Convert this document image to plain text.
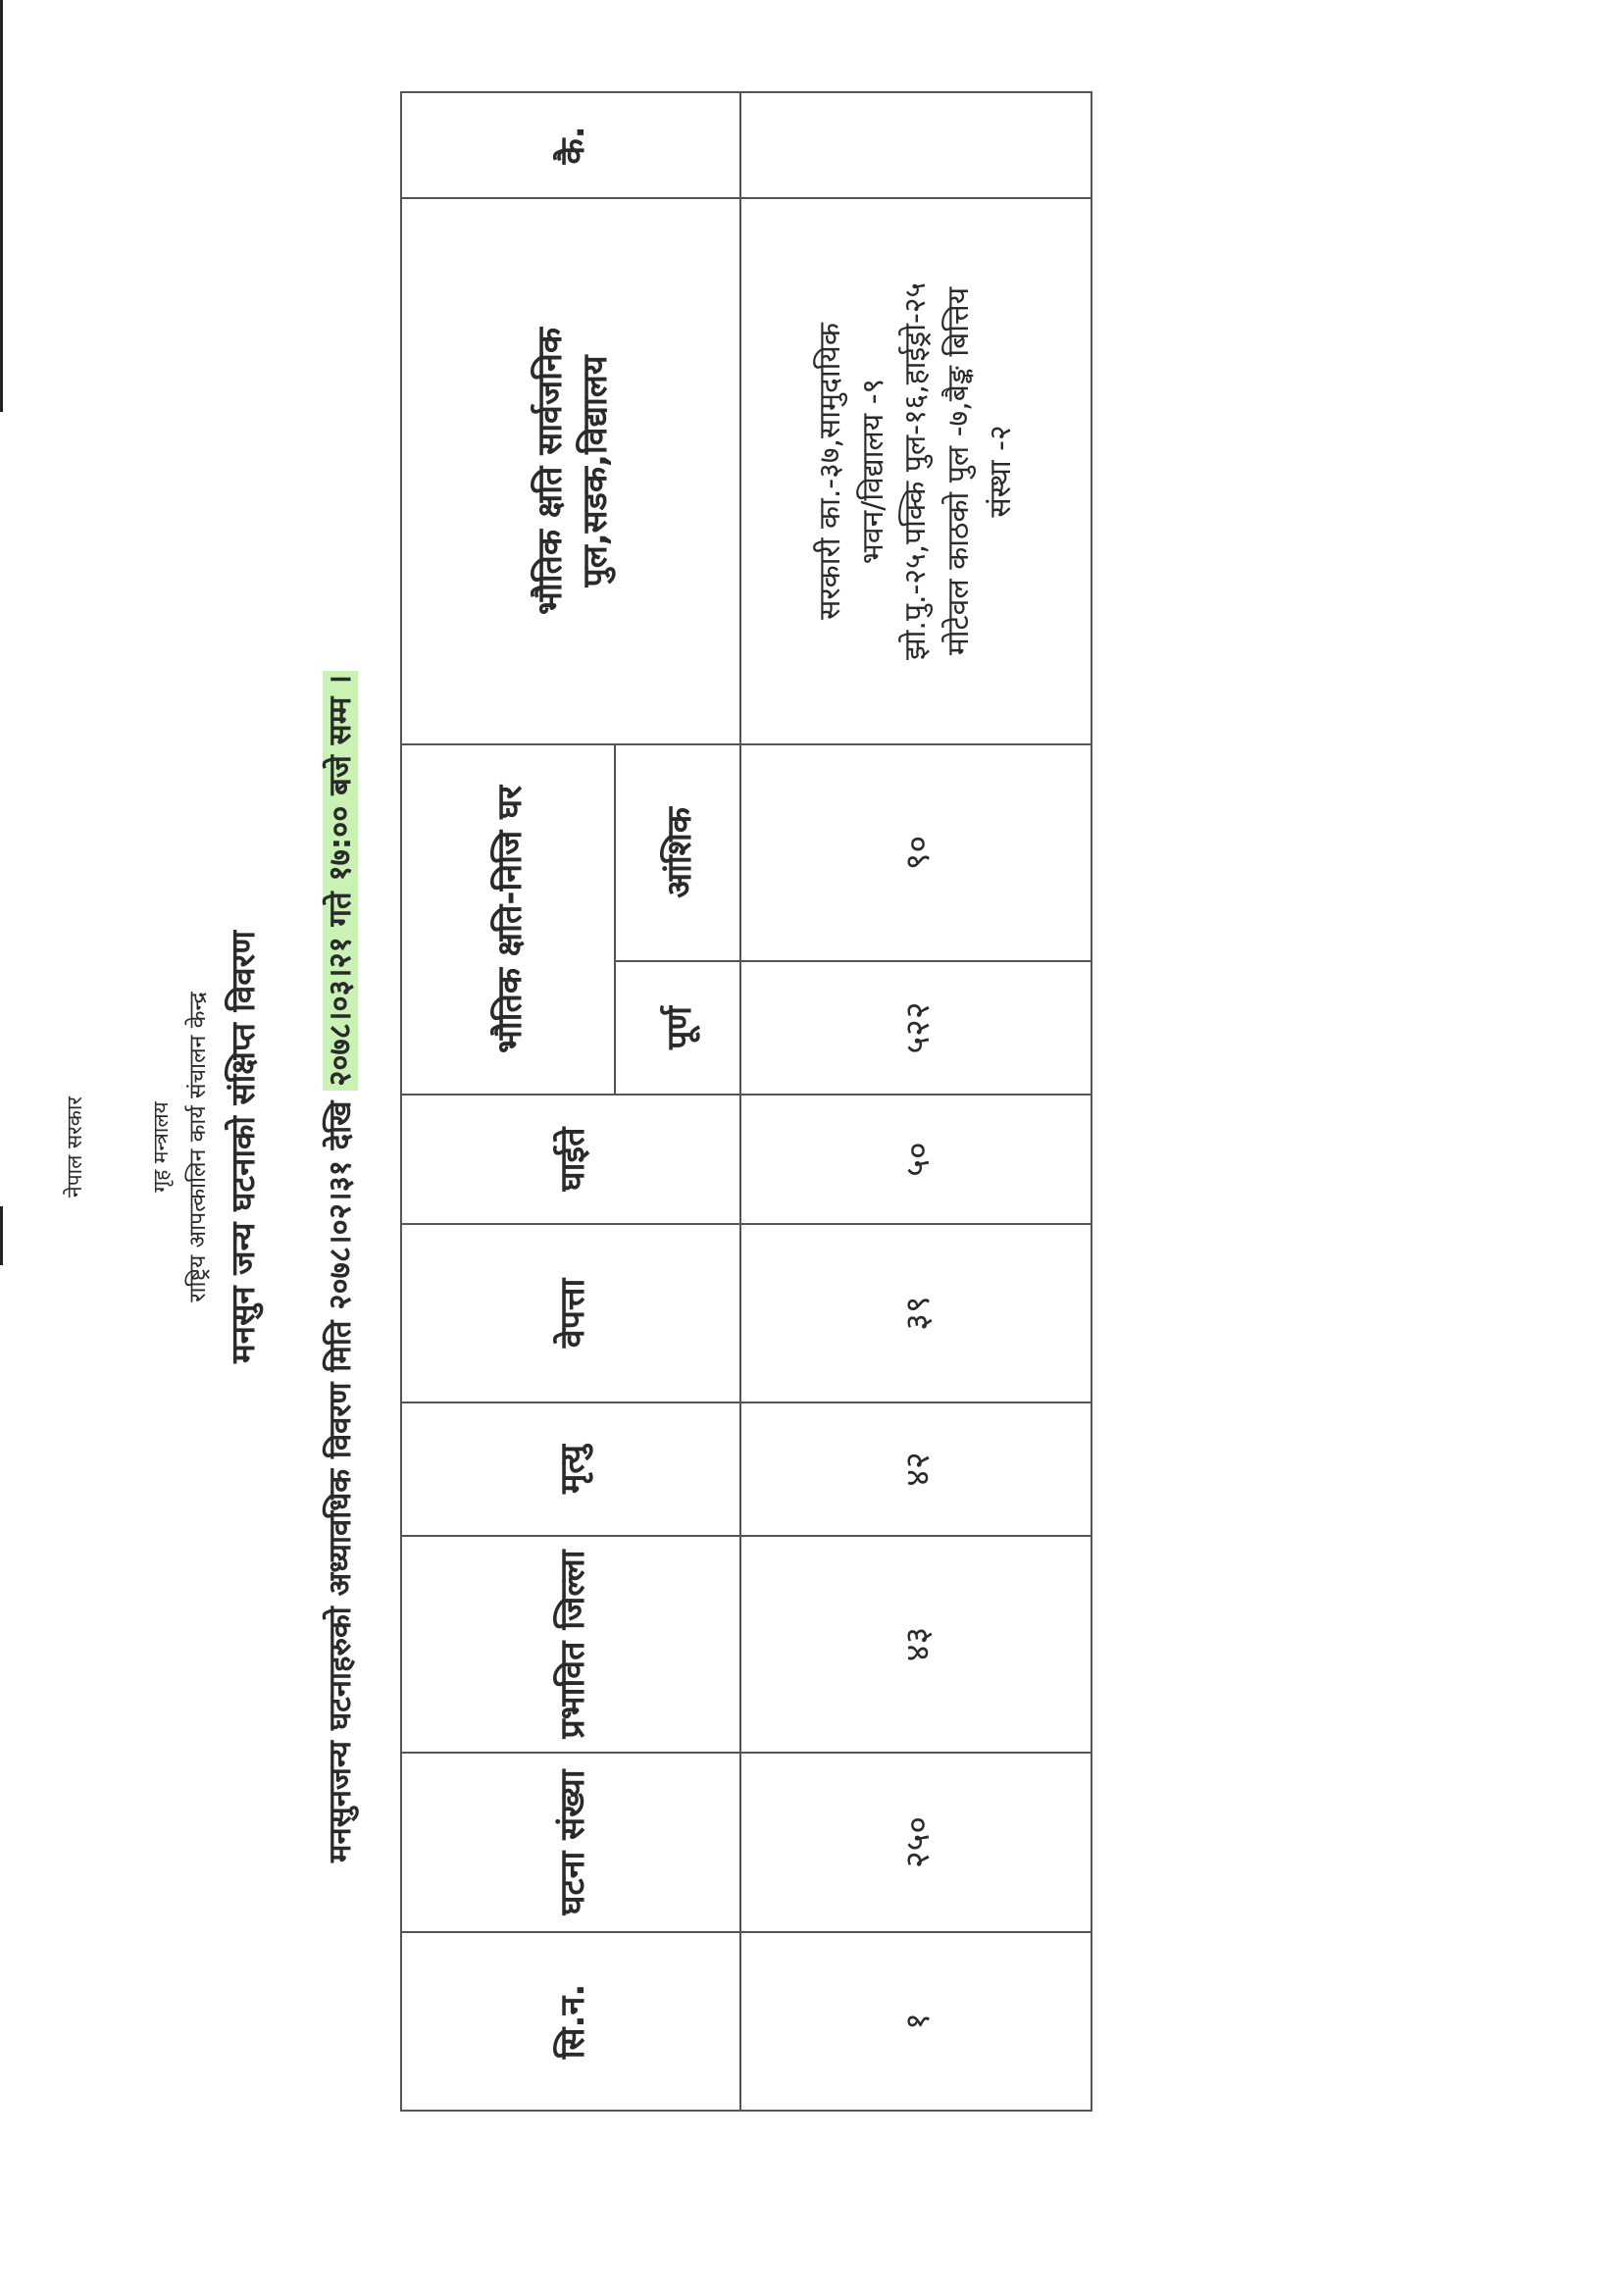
नेपाल सरकार	गृह मन्त्रालय राष्ट्रिय आपत्कालिन कार्य संचालन केन्द्र मनसुन जन्य घटनाको संक्षिप्त विवरण
मनसुनजन्य घटनाहरुको अध्यावधिक विवरण मिति २०७८।०२।३१ देखि २०७८।०३।२१ गते १७:०० बजे सम्म ।
सि.न.	घटना संख्या	प्रभावित जिल्ला	मृत्यु	वेपत्ता	घाईते	भौतिक क्षति-निजि घर		भौतिक क्षति सार्वजनिक पुल,सडक,विद्यालय	कै.
						पूर्ण	आंशिक		
१	२५०	४३	४२	३९	५०	५२२	९०	सरकारी का.-३७,सामुदायिक भवन/विद्यालय -९ झो.पु.-२५,पक्कि पुल-१६,हाईड्रो-२५ मोटेवल काठको पुल -७,बैङ्क बित्तिय संस्था -२	
